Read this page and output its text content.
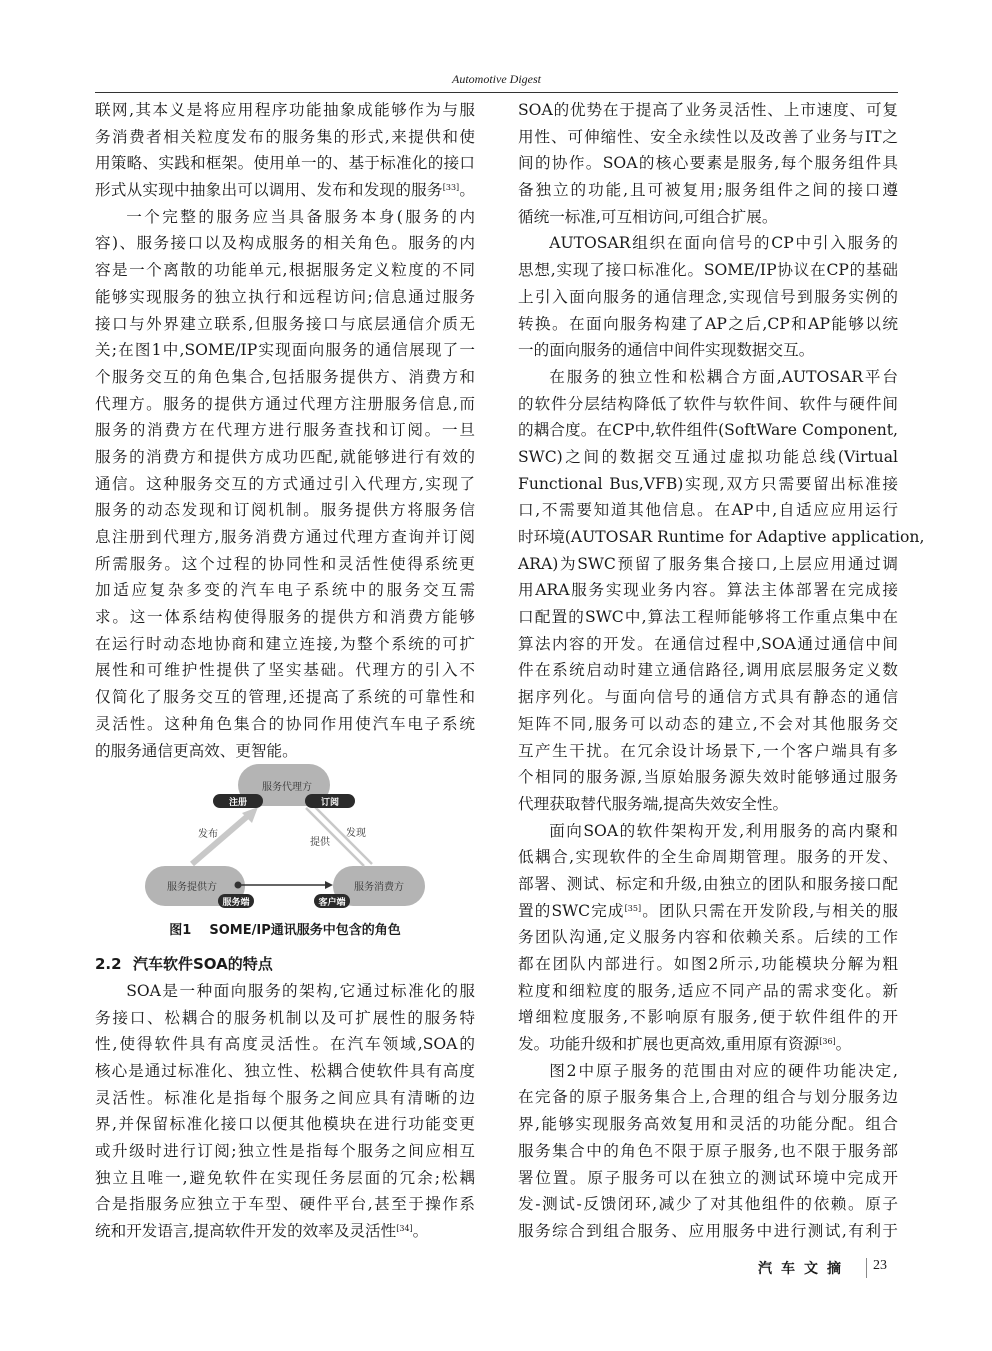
Automotive Digest
联网,其本义是将应用程序功能抽象成能够作为与服
务消费者相关粒度发布的服务集的形式,来提供和使
用策略、实践和框架。使用单一的、基于标准化的接口
形式从实现中抽象出可以调用、发布和发现的服务[33]。
一个完整的服务应当具备服务本身(服务的内
容)、服务接口以及构成服务的相关角色。服务的内
容是一个离散的功能单元,根据服务定义粒度的不同
能够实现服务的独立执行和远程访问;信息通过服务
接口与外界建立联系,但服务接口与底层通信介质无
关;在图1中,SOME/IP实现面向服务的通信展现了一
个服务交互的角色集合,包括服务提供方、消费方和
代理方。服务的提供方通过代理方注册服务信息,而
服务的消费方在代理方进行服务查找和订阅。一旦
服务的消费方和提供方成功匹配,就能够进行有效的
通信。这种服务交互的方式通过引入代理方,实现了
服务的动态发现和订阅机制。服务提供方将服务信
息注册到代理方,服务消费方通过代理方查询并订阅
所需服务。这个过程的协同性和灵活性使得系统更
加适应复杂多变的汽车电子系统中的服务交互需
求。这一体系结构使得服务的提供方和消费方能够
在运行时动态地协商和建立连接,为整个系统的可扩
展性和可维护性提供了坚实基础。代理方的引入不
仅简化了服务交互的管理,还提高了系统的可靠性和
灵活性。这种角色集合的协同作用使汽车电子系统
的服务通信更高效、更智能。
服务代理方
服务提供方	服务消费方
发布	发现
提供
注册	订阅
服务端	客户端
图1 SOME/IP通讯服务中包含的角色
2.2 汽车软件SOA的特点
SOA是一种面向服务的架构,它通过标准化的服
务接口、松耦合的服务机制以及可扩展性的服务特
性,使得软件具有高度灵活性。在汽车领域,SOA的
核心是通过标准化、独立性、松耦合使软件具有高度
灵活性。标准化是指每个服务之间应具有清晰的边
界,并保留标准化接口以便其他模块在进行功能变更
或升级时进行订阅;独立性是指每个服务之间应相互
独立且唯一,避免软件在实现任务层面的冗余;松耦
合是指服务应独立于车型、硬件平台,甚至于操作系
统和开发语言,提高软件开发的效率及灵活性[34]。
SOA的优势在于提高了业务灵活性、上市速度、可复
用性、可伸缩性、安全永续性以及改善了业务与IT之
间的协作。SOA的核心要素是服务,每个服务组件具
备独立的功能,且可被复用;服务组件之间的接口遵
循统一标准,可互相访问,可组合扩展。
AUTOSAR组织在面向信号的CP中引入服务的
思想,实现了接口标准化。SOME/IP协议在CP的基础
上引入面向服务的通信理念,实现信号到服务实例的
转换。在面向服务构建了AP之后,CP和AP能够以统
一的面向服务的通信中间件实现数据交互。
在服务的独立性和松耦合方面,AUTOSAR平台
的软件分层结构降低了软件与软件间、软件与硬件间
的耦合度。在CP中,软件组件(SoftWare Component,
SWC)之间的数据交互通过虚拟功能总线(Virtual
Functional Bus,VFB)实现,双方只需要留出标准接
口,不需要知道其他信息。在AP中,自适应应用运行
时环境(AUTOSAR Runtime for Adaptive application,
ARA)为SWC预留了服务集合接口,上层应用通过调
用ARA服务实现业务内容。算法主体部署在完成接
口配置的SWC中,算法工程师能够将工作重点集中在
算法内容的开发。在通信过程中,SOA通过通信中间
件在系统启动时建立通信路径,调用底层服务定义数
据序列化。与面向信号的通信方式具有静态的通信
矩阵不同,服务可以动态的建立,不会对其他服务交
互产生干扰。在冗余设计场景下,一个客户端具有多
个相同的服务源,当原始服务源失效时能够通过服务
代理获取替代服务端,提高失效安全性。
面向SOA的软件架构开发,利用服务的高内聚和
低耦合,实现软件的全生命周期管理。服务的开发、
部署、测试、标定和升级,由独立的团队和服务接口配
置的SWC完成[35]。团队只需在开发阶段,与相关的服
务团队沟通,定义服务内容和依赖关系。后续的工作
都在团队内部进行。如图2所示,功能模块分解为粗
粒度和细粒度的服务,适应不同产品的需求变化。新
增细粒度服务,不影响原有服务,便于软件组件的开
发。功能升级和扩展也更高效,重用原有资源[36]。
图2中原子服务的范围由对应的硬件功能决定,
在完备的原子服务集合上,合理的组合与划分服务边
界,能够实现服务高效复用和灵活的功能分配。组合
服务集合中的角色不限于原子服务,也不限于服务部
署位置。原子服务可以在独立的测试环境中完成开
发-测试-反馈闭环,减少了对其他组件的依赖。原子
服务综合到组合服务、应用服务中进行测试,有利于
汽车文摘 23
